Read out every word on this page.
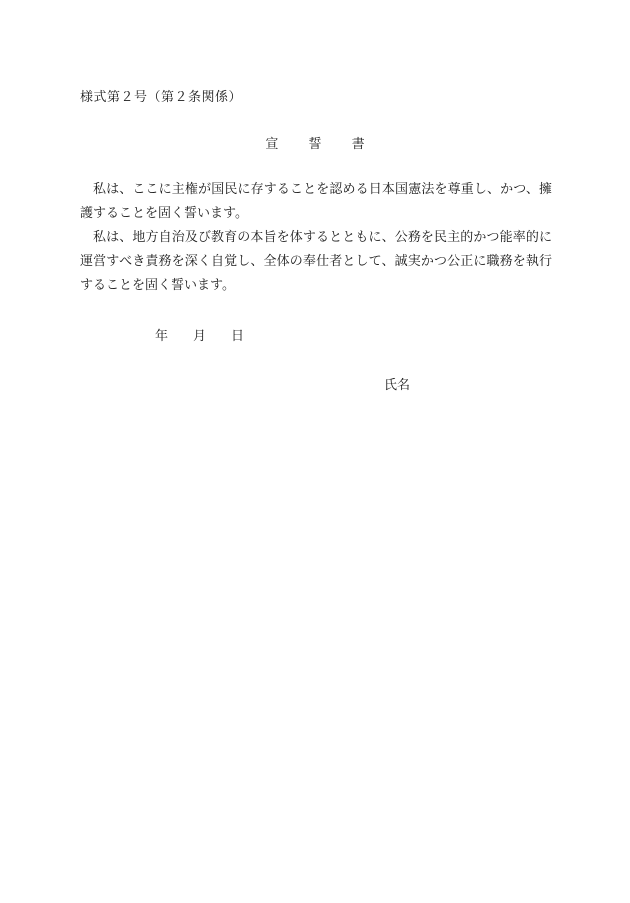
様式第２号（第２条関係）
宣 誓 書

私は、ここに主権が国民に存することを認める日本国憲法を尊重し、かつ、擁護することを固く誓います。

私は、地方自治及び教育の本旨を体するとともに、公務を民主的かつ能率的に運営すべき責務を深く自覚し、全体の奉仕者として、誠実かつ公正に職務を執行することを固く誓います。

年 月 日
氏名
